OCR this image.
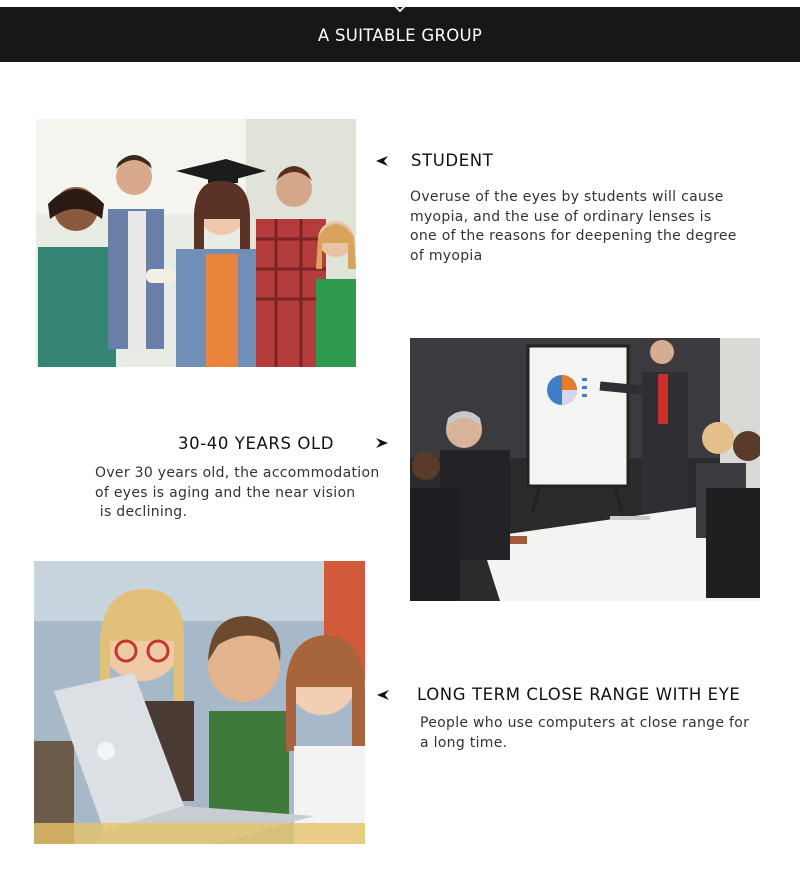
A SUITABLE GROUP
STUDENT
Overuse of the eyes by students will cause
myopia, and the use of ordinary lenses is
one of the reasons for deepening the degree
of myopia
30-40 YEARS OLD
Over 30 years old, the accommodation
of eyes is aging and the near vision
is declining.
LONG TERM CLOSE RANGE WITH EYE
People who use computers at close range for
a long time.
